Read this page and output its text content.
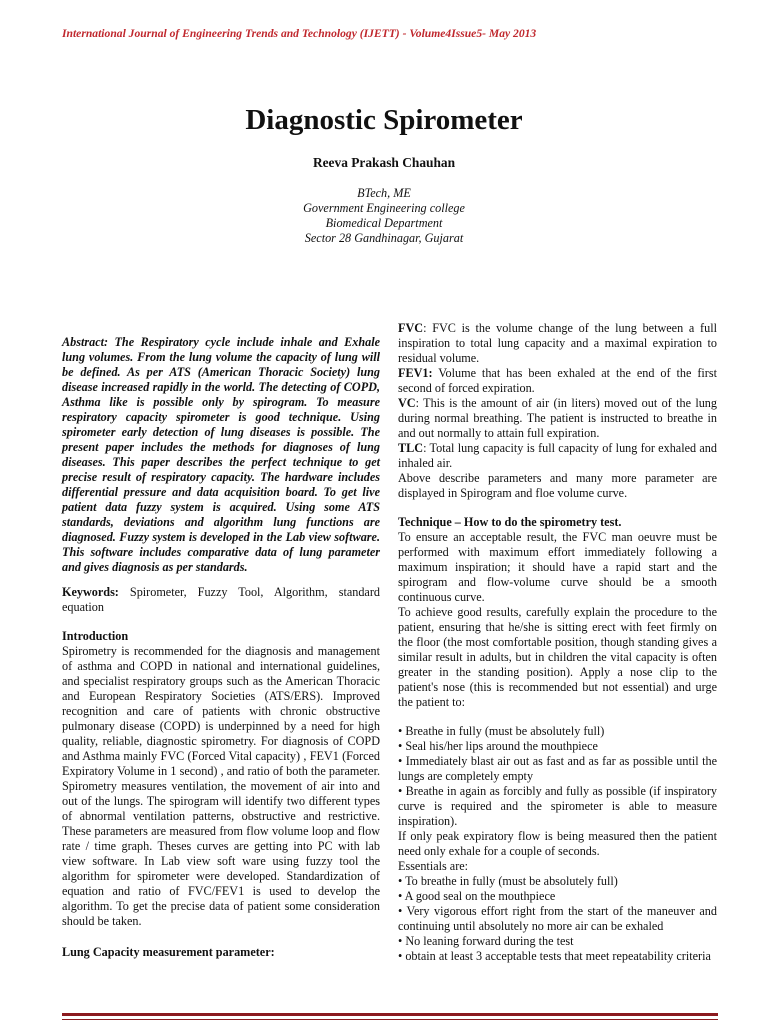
International Journal of Engineering Trends and Technology (IJETT) - Volume4Issue5- May 2013
Diagnostic Spirometer
Reeva Prakash Chauhan
BTech, ME
Government Engineering college
Biomedical Department
Sector 28 Gandhinagar, Gujarat

Abstract: The Respiratory cycle include inhale and Exhale lung volumes. From the lung volume the capacity of lung will be defined. As per ATS (American Thoracic Society) lung disease increased rapidly in the world. The detecting of COPD, Asthma like is possible only by spirogram. To measure respiratory capacity spirometer is good technique. Using spirometer early detection of lung diseases is possible. The present paper includes the methods for diagnoses of lung diseases. This paper describes the perfect technique to get precise result of respiratory capacity. The hardware includes differential pressure and data acquisition board. To get live patient data fuzzy system is acquired. Using some ATS standards, deviations and algorithm lung functions are diagnosed. Fuzzy system is developed in the Lab view software. This software includes comparative data of lung parameter and gives diagnosis as per standards.

Keywords: Spirometer, Fuzzy Tool, Algorithm, standard equation

Introduction

Spirometry is recommended for the diagnosis and management of asthma and COPD in national and international guidelines, and specialist respiratory groups such as the American Thoracic and European Respiratory Societies (ATS/ERS). Improved recognition and care of patients with chronic obstructive pulmonary disease (COPD) is underpinned by a need for high quality, reliable, diagnostic spirometry. For diagnosis of COPD and Asthma mainly FVC (Forced Vital capacity) , FEV1 (Forced Expiratory Volume in 1 second) , and ratio of both the parameter. Spirometry measures ventilation, the movement of air into and out of the lungs. The spirogram will identify two different types of abnormal ventilation patterns, obstructive and restrictive. These parameters are measured from flow volume loop and flow rate / time graph. Theses curves are getting into PC with lab view software. In Lab view soft ware using fuzzy tool the algorithm for spirometer were developed. Standardization of equation and ratio of FVC/FEV1 is used to develop the algorithm. To get the precise data of patient some consideration should be taken.

Lung Capacity measurement parameter:

FVC: FVC is the volume change of the lung between a full inspiration to total lung capacity and a maximal expiration to residual volume.

FEV1: Volume that has been exhaled at the end of the first second of forced expiration.

VC: This is the amount of air (in liters) moved out of the lung during normal breathing. The patient is instructed to breathe in and out normally to attain full expiration.

TLC: Total lung capacity is full capacity of lung for exhaled and inhaled air.

Above describe parameters and many more parameter are displayed in Spirogram and floe volume curve.

Technique – How to do the spirometry test.

To ensure an acceptable result, the FVC man oeuvre must be performed with maximum effort immediately following a maximum inspiration; it should have a rapid start and the spirogram and flow-volume curve should be a smooth continuous curve.

To achieve good results, carefully explain the procedure to the patient, ensuring that he/she is sitting erect with feet firmly on the floor (the most comfortable position, though standing gives a similar result in adults, but in children the vital capacity is often greater in the standing position). Apply a nose clip to the patient's nose (this is recommended but not essential) and urge the patient to:

• Breathe in fully (must be absolutely full)

• Seal his/her lips around the mouthpiece

• Immediately blast air out as fast and as far as possible until the lungs are completely empty

• Breathe in again as forcibly and fully as possible (if inspiratory curve is required and the spirometer is able to measure inspiration).

If only peak expiratory flow is being measured then the patient need only exhale for a couple of seconds.

Essentials are:

• To breathe in fully (must be absolutely full)

• A good seal on the mouthpiece

• Very vigorous effort right from the start of the maneuver and continuing until absolutely no more air can be exhaled

• No leaning forward during the test

• obtain at least 3 acceptable tests that meet repeatability criteria
